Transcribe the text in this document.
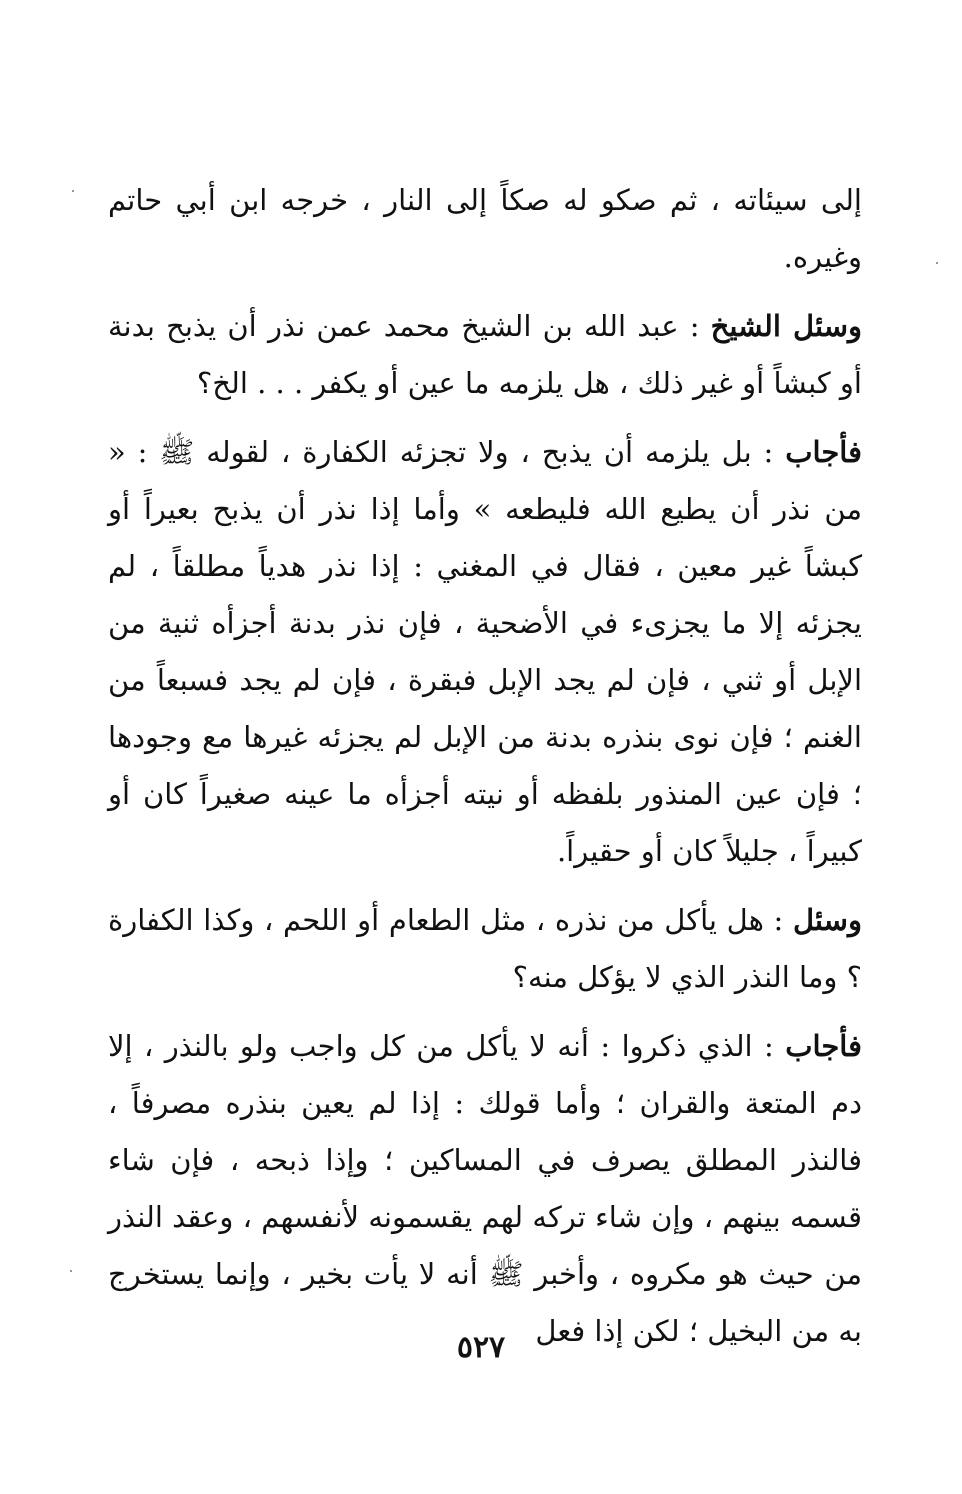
إلى سيئاته ، ثم صكو له صكاً إلى النار ، خرجه ابن أبي حاتم وغيره.

وسئل الشيخ : عبد الله بن الشيخ محمد عمن نذر أن يذبح بدنة أو كبشاً أو غير ذلك ، هل يلزمه ما عين أو يكفر . . . الخ؟

فأجاب : بل يلزمه أن يذبح ، ولا تجزئه الكفارة ، لقوله ﷺ : « من نذر أن يطيع الله فليطعه » وأما إذا نذر أن يذبح بعيراً أو كبشاً غير معين ، فقال في المغني : إذا نذر هدياً مطلقاً ، لم يجزئه إلا ما يجزىء في الأضحية ، فإن نذر بدنة أجزأه ثنية من الإبل أو ثني ، فإن لم يجد الإبل فبقرة ، فإن لم يجد فسبعاً من الغنم ؛ فإن نوى بنذره بدنة من الإبل لم يجزئه غيرها مع وجودها ؛ فإن عين المنذور بلفظه أو نيته أجزأه ما عينه صغيراً كان أو كبيراً ، جليلاً كان أو حقيراً.

وسئل : هل يأكل من نذره ، مثل الطعام أو اللحم ، وكذا الكفارة ؟ وما النذر الذي لا يؤكل منه؟

فأجاب : الذي ذكروا : أنه لا يأكل من كل واجب ولو بالنذر ، إلا دم المتعة والقران ؛ وأما قولك : إذا لم يعين بنذره مصرفاً ، فالنذر المطلق يصرف في المساكين ؛ وإذا ذبحه ، فإن شاء قسمه بينهم ، وإن شاء تركه لهم يقسمونه لأنفسهم ، وعقد النذر من حيث هو مكروه ، وأخبر ﷺ أنه لا يأت بخير ، وإنما يستخرج به من البخيل ؛ لكن إذا فعل

٥٢٧
